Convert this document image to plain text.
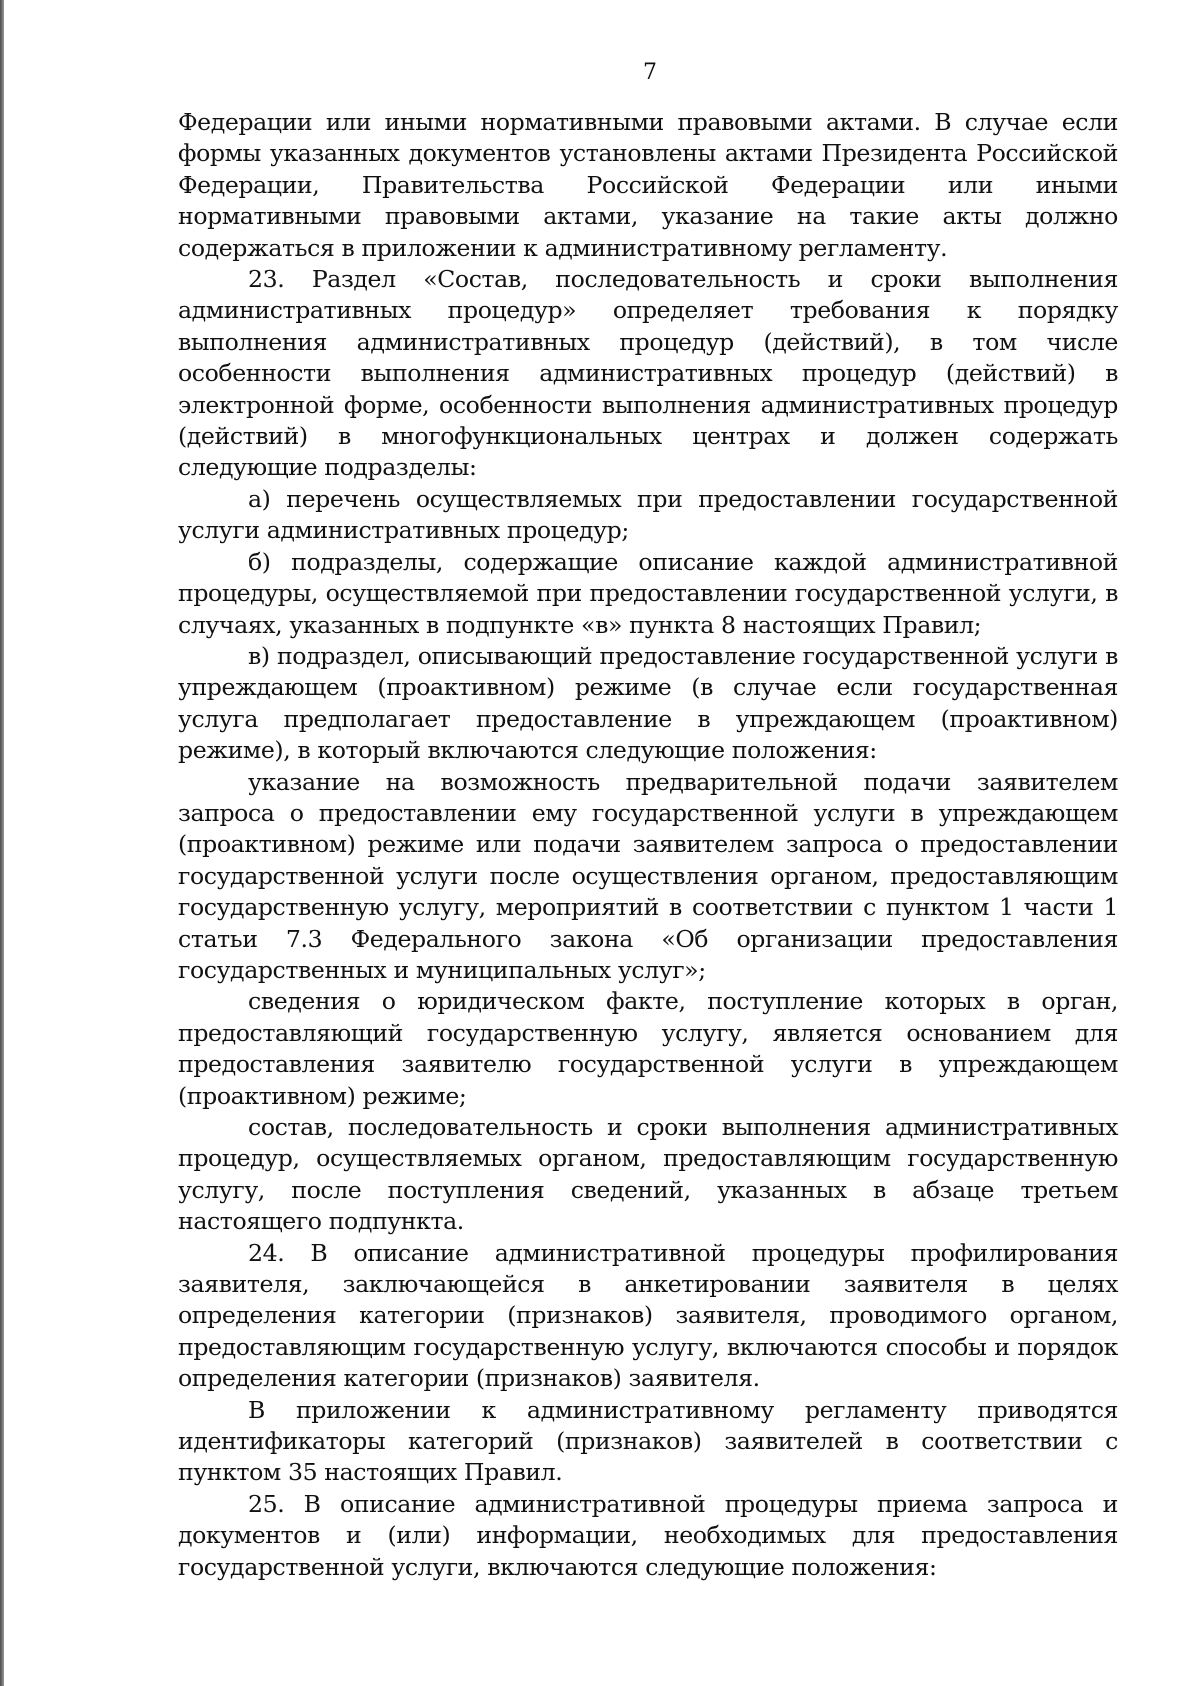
7

Федерации или иными нормативными правовыми актами. В случае если формы указанных документов установлены актами Президента Российской Федерации, Правительства Российской Федерации или иными нормативными правовыми актами, указание на такие акты должно содержаться в приложении к административному регламенту.

23. Раздел «Состав, последовательность и сроки выполнения административных процедур» определяет требования к порядку выполнения административных процедур (действий), в том числе особенности выполнения административных процедур (действий) в электронной форме, особенности выполнения административных процедур (действий) в многофункциональных центрах и должен содержать следующие подразделы:

а) перечень осуществляемых при предоставлении государственной услуги административных процедур;

б) подразделы, содержащие описание каждой административной процедуры, осуществляемой при предоставлении государственной услуги, в случаях, указанных в подпункте «в» пункта 8 настоящих Правил;

в) подраздел, описывающий предоставление государственной услуги в упреждающем (проактивном) режиме (в случае если государственная услуга предполагает предоставление в упреждающем (проактивном) режиме), в который включаются следующие положения:

указание на возможность предварительной подачи заявителем запроса о предоставлении ему государственной услуги в упреждающем (проактивном) режиме или подачи заявителем запроса о предоставлении государственной услуги после осуществления органом, предоставляющим государственную услугу, мероприятий в соответствии с пунктом 1 части 1 статьи 7.3 Федерального закона «Об организации предоставления государственных и муниципальных услуг»;

сведения о юридическом факте, поступление которых в орган, предоставляющий государственную услугу, является основанием для предоставления заявителю государственной услуги в упреждающем (проактивном) режиме;

состав, последовательность и сроки выполнения административных процедур, осуществляемых органом, предоставляющим государственную услугу, после поступления сведений, указанных в абзаце третьем настоящего подпункта.

24. В описание административной процедуры профилирования заявителя, заключающейся в анкетировании заявителя в целях определения категории (признаков) заявителя, проводимого органом, предоставляющим государственную услугу, включаются способы и порядок определения категории (признаков) заявителя.

В приложении к административному регламенту приводятся идентификаторы категорий (признаков) заявителей в соответствии с пунктом 35 настоящих Правил.

25. В описание административной процедуры приема запроса и документов и (или) информации, необходимых для предоставления государственной услуги, включаются следующие положения:
